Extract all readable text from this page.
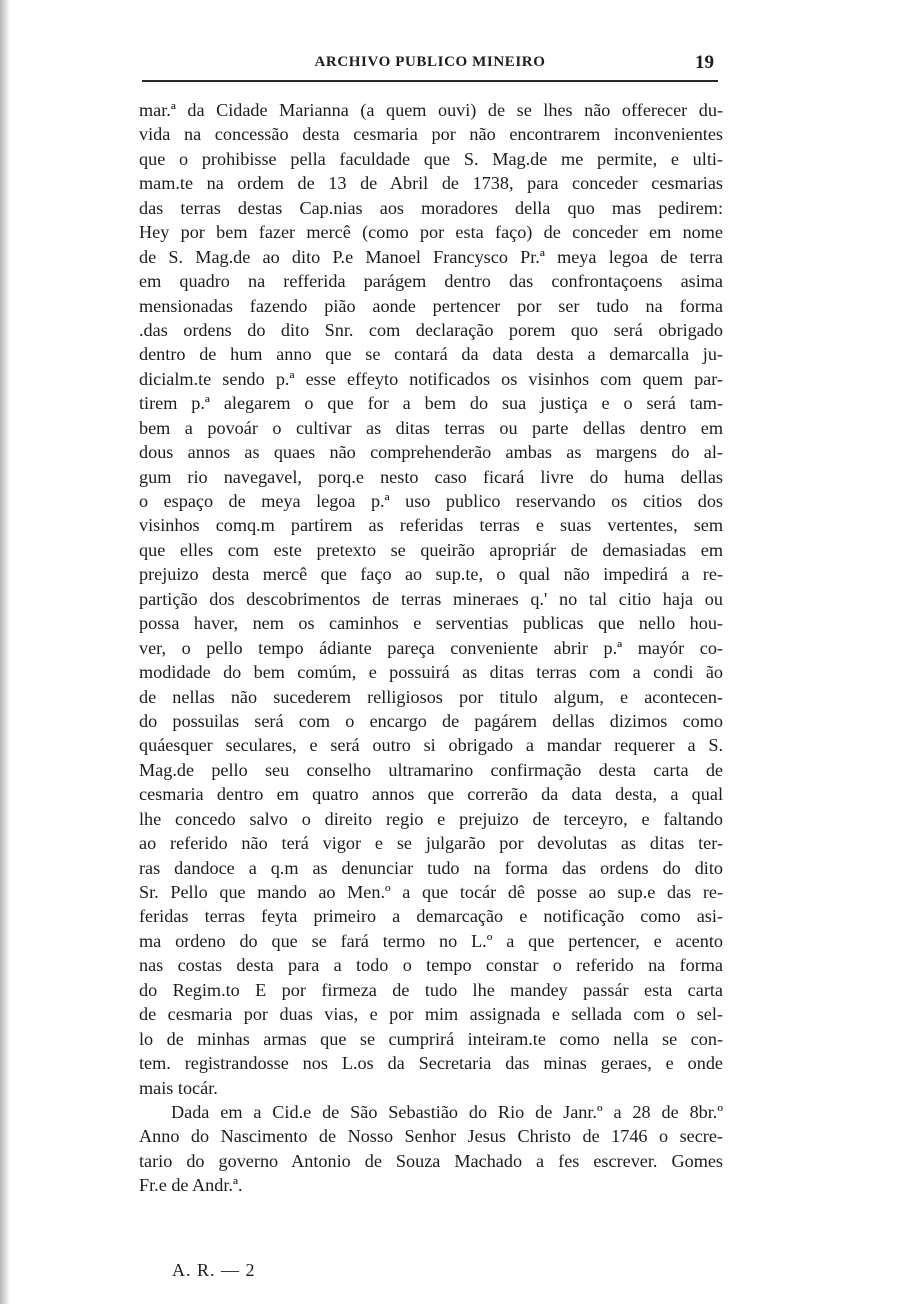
ARCHIVO PUBLICO MINEIRO	19
mar.ª da Cidade Marianna (a quem ouvi) de se lhes não offerecer du-
vida na concessão desta cesmaria por não encontrarem inconvenientes
que o prohibisse pella faculdade que S. Mag.de me permite, e ulti-
mam.te na ordem de 13 de Abril de 1738, para conceder cesmarias
das terras destas Cap.nias aos moradores della quo mas pedirem:
Hey por bem fazer mercê (como por esta faço) de conceder em nome
de S. Mag.de ao dito P.e Manoel Francysco Pr.ª meya legoa de terra
em quadro na refferida parágem dentro das confrontaçoens asima
mensionadas fazendo pião aonde pertencer por ser tudo na forma
.das ordens do dito Snr. com declaração porem quo será obrigado
dentro de hum anno que se contará da data desta a demarcalla ju-
dicialm.te sendo p.ª esse effeyto notificados os visinhos com quem par-
tirem p.ª alegarem o que for a bem do sua justiça e o será tam-
bem a povoár o cultivar as ditas terras ou parte dellas dentro em
dous annos as quaes não comprehenderão ambas as margens do al-
gum rio navegavel, porq.e nesto caso ficará livre do huma dellas
o espaço de meya legoa p.ª uso publico reservando os citios dos
visinhos comq.m partirem as referidas terras e suas vertentes, sem
que elles com este pretexto se queirão apropriár de demasiadas em
prejuizo desta mercê que faço ao sup.te, o qual não impedirá a re-
partição dos descobrimentos de terras mineraes q.' no tal citio haja ou
possa haver, nem os caminhos e serventias publicas que nello hou-
ver, o pello tempo ádiante pareça conveniente abrir p.ª mayór co-
modidade do bem comúm, e possuirá as ditas terras com a condi ão
de nellas não sucederem relligiosos por titulo algum, e acontecen-
do possuilas será com o encargo de pagárem dellas dizimos como
quáesquer seculares, e será outro si obrigado a mandar requerer a S.
Mag.de pello seu conselho ultramarino confirmação desta carta de
cesmaria dentro em quatro annos que correrão da data desta, a qual
lhe concedo salvo o direito regio e prejuizo de terceyro, e faltando
ao referido não terá vigor e se julgarão por devolutas as ditas ter-
ras dandoce a q.m as denunciar tudo na forma das ordens do dito
Sr. Pello que mando ao Men.º a que tocár dê posse ao sup.e das re-
feridas terras feyta primeiro a demarcação e notificação como asi-
ma ordeno do que se fará termo no L.º a que pertencer, e acento
nas costas desta para a todo o tempo constar o referido na forma
do Regim.to E por firmeza de tudo lhe mandey passár esta carta
de cesmaria por duas vias, e por mim assignada e sellada com o sel-
lo de minhas armas que se cumprirá inteiram.te como nella se con-
tem. registrandosse nos L.os da Secretaria das minas geraes, e onde
mais tocár.
Dada em a Cid.e de São Sebastião do Rio de Janr.º a 28 de 8br.º
Anno do Nascimento de Nosso Senhor Jesus Christo de 1746 o secre-
tario do governo Antonio de Souza Machado a fes escrever. Gomes
Fr.e de Andr.ª.
A. R. — 2
